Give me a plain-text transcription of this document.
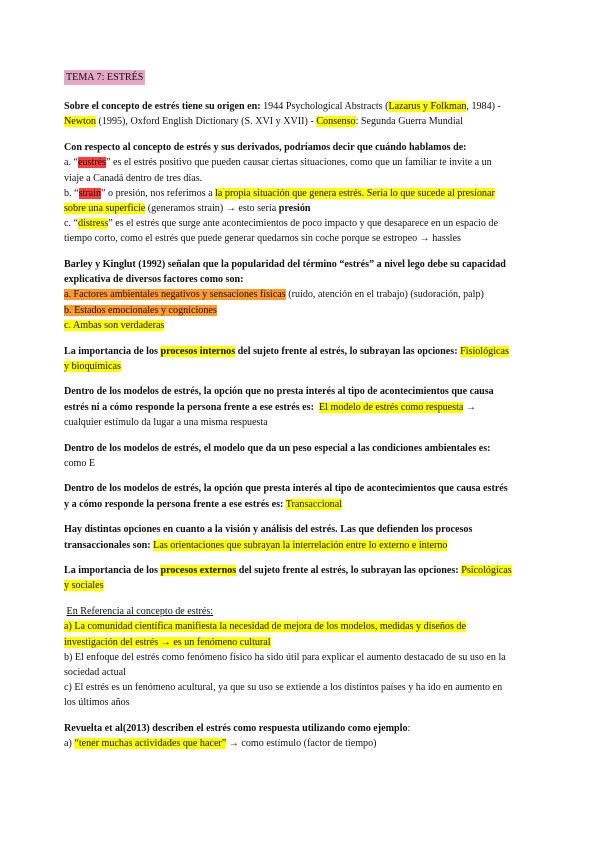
TEMA 7: ESTRÉS
Sobre el concepto de estrés tiene su origen en: 1944 Psychological Abstracts (Lazarus y Folkman, 1984) -
Newton (1995), Oxford English Dictionary (S. XVI y XVII) - Consenso: Segunda Guerra Mundial
Con respecto al concepto de estrés y sus derivados, podríamos decir que cuándo hablamos de:
a. “eustrés” es el estrés positivo que pueden causar ciertas situaciones, como que un familiar te invite a un
viaje a Canadá dentro de tres días.
b. “strain” o presión, nos referimos a la propia situación que genera estrés. Sería lo que sucede al presionar
sobre una superficie (generamos strain) → esto sería presión
c. “distress” es el estrés que surge ante acontecimientos de poco impacto y que desaparece en un espacio de
tiempo corto, como el estrés que puede generar quedarnos sin coche porque se estropeo → hassles
Barley y Kinglut (1992) señalan que la popularidad del término “estrés” a nivel lego debe su capacidad
explicativa de diversos factores como son:
a. Factores ambientales negativos y sensaciones físicas (ruido, atención en el trabajo) (sudoración, palp)
b. Estados emocionales y cogniciones
c. Ambas son verdaderas
La importancia de los procesos internos del sujeto frente al estrés, lo subrayan las opciones: Fisiológicas
y bioquímicas
Dentro de los modelos de estrés, la opción que no presta interés al tipo de acontecimientos que causa
estrés ni a cómo responde la persona frente a ese estrés es: El modelo de estrés como respuesta →
cualquier estímulo da lugar a una misma respuesta
Dentro de los modelos de estrés, el modelo que da un peso especial a las condiciones ambientales es:
como E
Dentro de los modelos de estrés, la opción que presta interés al tipo de acontecimientos que causa estrés
y a cómo responde la persona frente a ese estrés es: Transaccional
Hay distintas opciones en cuanto a la visión y análisis del estrés. Las que defienden los procesos
transaccionales son: Las orientaciones que subrayan la interrelación entre lo externo e interno
La importancia de los procesos externos del sujeto frente al estrés, lo subrayan las opciones: Psicológicas
y sociales
En Referencia al concepto de estrés:
a) La comunidad científica manifiesta la necesidad de mejora de los modelos, medidas y diseños de
investigación del estrés → es un fenómeno cultural
b) El enfoque del estrés como fenómeno físico ha sido útil para explicar el aumento destacado de su uso en la
sociedad actual
c) El estrés es un fenómeno acultural, ya que su uso se extiende a los distintos países y ha ido en aumento en
los últimos años
Revuelta et al(2013) describen el estrés como respuesta utilizando como ejemplo:
a) “tener muchas actividades que hacer” → como estímulo (factor de tiempo)
